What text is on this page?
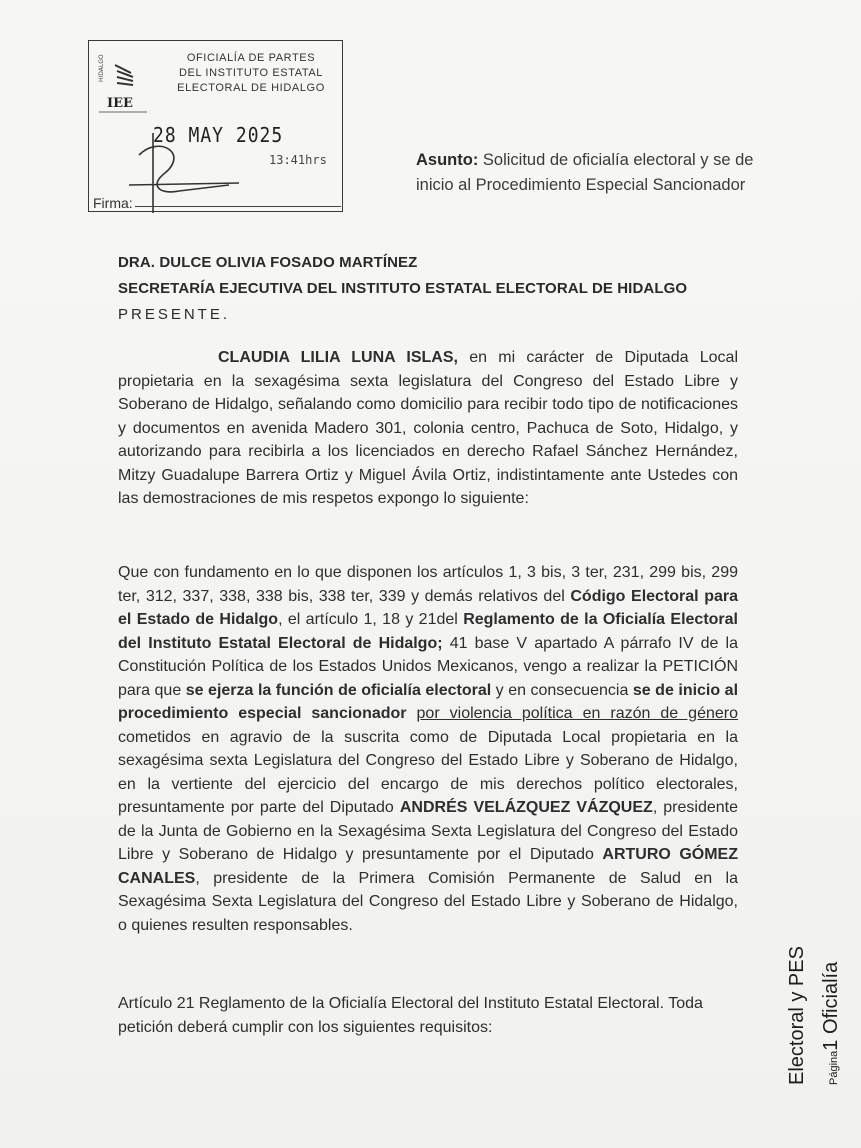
HIDALGO
IEE
OFICIALÍA DE PARTES
DEL INSTITUTO ESTATAL
ELECTORAL DE HIDALGO
28 MAY 2025
13:41hrs
Firma:
Asunto: Solicitud de oficialía electoral y se de inicio al Procedimiento Especial Sancionador
DRA. DULCE OLIVIA FOSADO MARTÍNEZ
SECRETARÍA EJECUTIVA DEL INSTITUTO ESTATAL ELECTORAL DE HIDALGO
PRESENTE.
CLAUDIA LILIA LUNA ISLAS, en mi carácter de Diputada Local propietaria en la sexagésima sexta legislatura del Congreso del Estado Libre y Soberano de Hidalgo, señalando como domicilio para recibir todo tipo de notificaciones y documentos en avenida Madero 301, colonia centro, Pachuca de Soto, Hidalgo, y autorizando para recibirla a los licenciados en derecho Rafael Sánchez Hernández, Mitzy Guadalupe Barrera Ortiz y Miguel Ávila Ortiz, indistintamente ante Ustedes con las demostraciones de mis respetos expongo lo siguiente:
Que con fundamento en lo que disponen los artículos 1, 3 bis, 3 ter, 231, 299 bis, 299 ter, 312, 337, 338, 338 bis, 338 ter, 339 y demás relativos del Código Electoral para el Estado de Hidalgo, el artículo 1, 18 y 21del Reglamento de la Oficialía Electoral del Instituto Estatal Electoral de Hidalgo; 41 base V apartado A párrafo IV de la Constitución Política de los Estados Unidos Mexicanos, vengo a realizar la PETICIÓN para que se ejerza la función de oficialía electoral y en consecuencia se de inicio al procedimiento especial sancionador por violencia política en razón de género cometidos en agravio de la suscrita como de Diputada Local propietaria en la sexagésima sexta Legislatura del Congreso del Estado Libre y Soberano de Hidalgo, en la vertiente del ejercicio del encargo de mis derechos político electorales, presuntamente por parte del Diputado ANDRÉS VELÁZQUEZ VÁZQUEZ, presidente de la Junta de Gobierno en la Sexagésima Sexta Legislatura del Congreso del Estado Libre y Soberano de Hidalgo y presuntamente por el Diputado ARTURO GÓMEZ CANALES, presidente de la Primera Comisión Permanente de Salud en la Sexagésima Sexta Legislatura del Congreso del Estado Libre y Soberano de Hidalgo, o quienes resulten responsables.
Artículo 21 Reglamento de la Oficialía Electoral del Instituto Estatal Electoral. Toda petición deberá cumplir con los siguientes requisitos:
Página1 Oficialía
Electoral y PES
